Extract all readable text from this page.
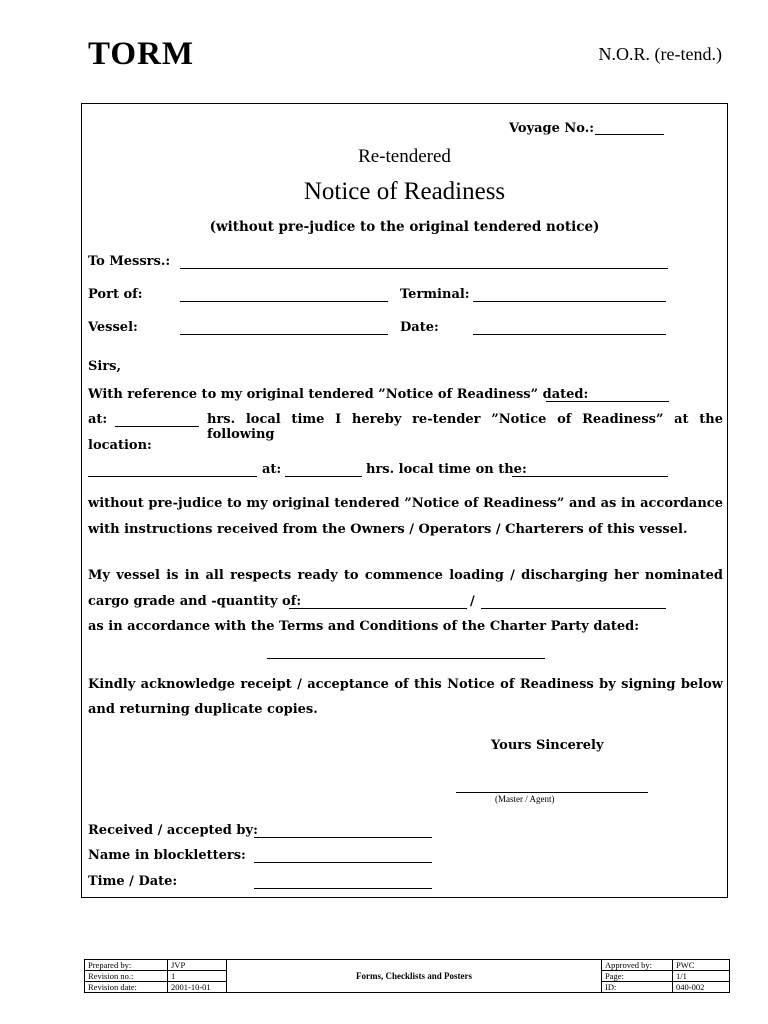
TORM	N.O.R. (re-tend.)
Voyage No.:
Re-tendered
Notice of Readiness
(without pre-judice to the original tendered notice)
To Messrs.:
Port of:	Terminal:
Vessel:	Date:
Sirs,
With reference to my original tendered ”Notice of Readiness” dated:
at:	hrs. local time I hereby re-tender ”Notice of Readiness” at the following
location:
at:	hrs. local time on the:
without pre-judice to my original tendered ”Notice of Readiness” and as in accordance
with instructions received from the Owners / Operators / Charterers of this vessel.
My vessel is in all respects ready to commence loading / discharging her nominated
cargo grade and -quantity of:	/
as in accordance with the Terms and Conditions of the Charter Party dated:
Kindly acknowledge receipt / acceptance of this Notice of Readiness by signing below
and returning duplicate copies.
Yours Sincerely
(Master / Agent)
Received / accepted by:
Name in blockletters:
Time / Date:
Prepared by:	JVP	Forms, Checklists and Posters	Approved by:	PWC
Revision no.:	1		Page:	1/1
Revision date:	2001-10-01		ID:	040-002
